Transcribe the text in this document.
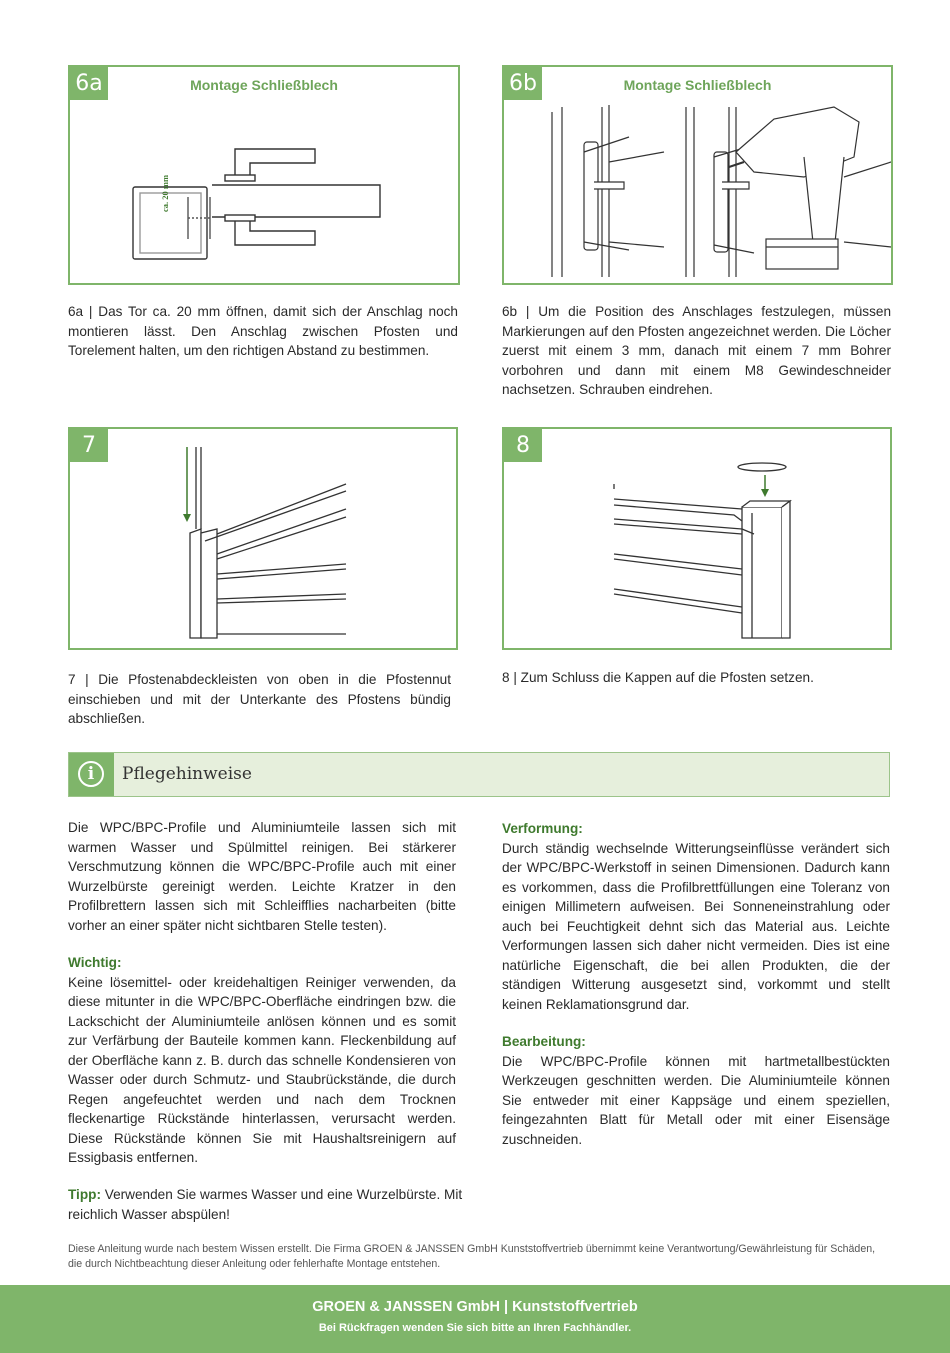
6a	Montage Schließblech
ca. 20 mm
6b	Montage Schließblech
6a | Das Tor ca. 20 mm öffnen, damit sich der Anschlag noch montieren lässt. Den Anschlag zwischen Pfosten und Torelement halten, um den richtigen Abstand zu bestimmen.
6b | Um die Position des Anschlages festzulegen, müssen Markierungen auf den Pfosten angezeichnet werden. Die Löcher zuerst mit einem 3 mm, danach mit einem 7 mm Bohrer vorbohren und dann mit einem M8 Gewindeschneider nachsetzen. Schrauben eindrehen.
7	8
7 | Die Pfostenabdeckleisten von oben in die Pfostennut einschieben und mit der Unterkante des Pfostens bündig abschließen.
8 | Zum Schluss die Kappen auf die Pfosten setzen.
i	Pflegehinweise
Die WPC/BPC-Profile und Aluminiumteile lassen sich mit warmen Wasser und Spülmittel reinigen. Bei stärkerer Verschmutzung können die WPC/BPC-Profile auch mit einer Wurzelbürste gereinigt werden. Leichte Kratzer in den Profilbrettern lassen sich mit Schleifflies nacharbeiten (bitte vorher an einer später nicht sichtbaren Stelle testen).
Wichtig:
Keine lösemittel- oder kreidehaltigen Reiniger verwenden, da diese mitunter in die WPC/BPC-Oberfläche eindringen bzw. die Lackschicht der Aluminiumteile anlösen können und es somit zur Verfärbung der Bauteile kommen kann. Fleckenbildung auf der Oberfläche kann z. B. durch das schnelle Kondensieren von Wasser oder durch Schmutz- und Staubrückstände, die durch Regen angefeuchtet werden und nach dem Trocknen fleckenartige Rückstände hinterlassen, verursacht werden. Diese Rückstände können Sie mit Haushaltsreinigern auf Essigbasis entfernen.
Tipp: Verwenden Sie warmes Wasser und eine Wurzelbürste. Mit reichlich Wasser abspülen!
Verformung:
Durch ständig wechselnde Witterungseinflüsse verändert sich der WPC/BPC-Werkstoff in seinen Dimensionen. Dadurch kann es vorkommen, dass die Profilbrettfüllungen eine Toleranz von einigen Millimetern aufweisen. Bei Sonneneinstrahlung oder auch bei Feuchtigkeit dehnt sich das Material aus. Leichte Verformungen lassen sich daher nicht vermeiden. Dies ist eine natürliche Eigenschaft, die bei allen Produkten, die der ständigen Witterung ausgesetzt sind, vorkommt und stellt keinen Reklamationsgrund dar.
Bearbeitung:
Die WPC/BPC-Profile können mit hartmetallbestückten Werkzeugen geschnitten werden. Die Aluminiumteile können Sie entweder mit einer Kappsäge und einem speziellen, feingezahnten Blatt für Metall oder mit einer Eisensäge zuschneiden.
Diese Anleitung wurde nach bestem Wissen erstellt. Die Firma GROEN & JANSSEN GmbH Kunststoffvertrieb übernimmt keine Verantwortung/Gewährleistung für Schäden, die durch Nichtbeachtung dieser Anleitung oder fehlerhafte Montage entstehen.
GROEN & JANSSEN GmbH | Kunststoffvertrieb
Bei Rückfragen wenden Sie sich bitte an Ihren Fachhändler.
